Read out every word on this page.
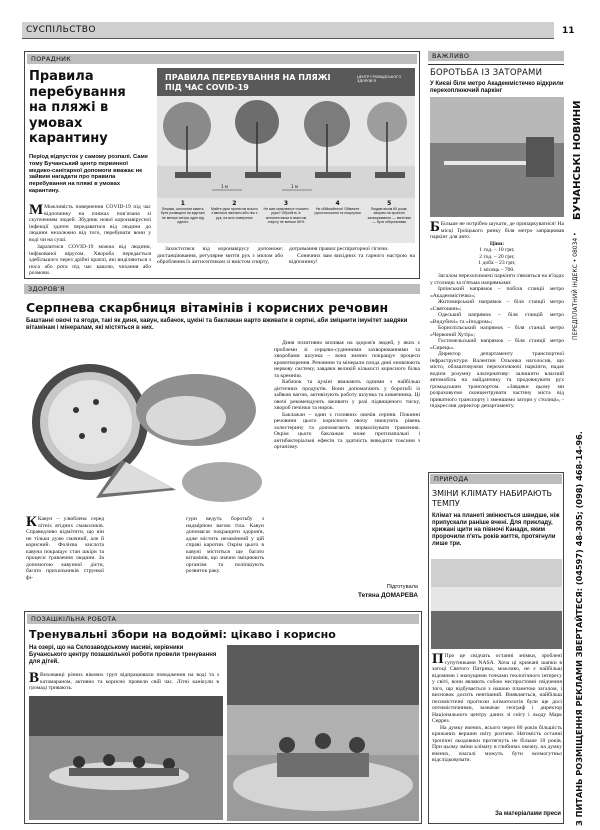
СУСПІЛЬСТВО	11
БУЧАНСЬКІ НОВИНИ
ПЕРЕДПЛАТНИЙ ІНДЕКС • 08034 •
З ПИТАНЬ РОЗМІЩЕННЯ РЕКЛАМИ ЗВЕРТАЙТЕСЯ: (04597) 48-305; (098) 468-14-96.
ПОРАДНИК
Правила перебування на пляжі в умовах карантину
Період відпусток у самому розпалі. Саме тому Бучанський центр первинної медико-санітарної допомоги вважає не зайвим нагадати про правила перебування на пляжі в умовах карантину.
М Можливість повернення COVID-19 під час відпочинку на пляжах пов’язана зі скупченням людей. Збудник нової коронавірусної інфекції здатен передаватися від людини до людини незалежно від того, перебувати вони у воді чи на суші.
Заразитися COVID-19 можна від людини, інфікованої вірусом. Хвороба передається здебільшого через дрібні краплі, які виділяються з носа або рота під час кашлю, чихання або розмови.
ПРАВИЛА ПЕРЕБУВАННЯ НА ПЛЯЖІ
ПІД ЧАС COVID-19
ЦЕНТР ГРОМАДСЬКОГО ЗДОРОВ'Я
1 м	1 м
1
Лежаки, шезлонги мають бути розміщені на відстані не менше метра один від одного
2
Майте руки протягом всього з'явитися змочити або ніж з рук, на всіх поверхнях
3
Не має можливості помити руки? Обробіть їх антисептиком зі вмістом спирту не менше 60%
4
Не обіймайтеся! Обмежте рукостискання та поцілунки
5
Людям віком 60 років, хворим на хронічні захворювання — вагітним — бути обережними
Захиститися від коронавірусу допоможе: дистанціювання, регулярне миття рук з милом або оброблення їх антисептиком зі вмістом спирту,
дотримання правил респіраторної гігієни.
Сонячних вам вихідних та гарного настрою на відпочинку!
ВАЖЛИВО
БОРОТЬБА ІЗ ЗАТОРАМИ
У Києві біля метро Академмістечко відкрили перехоплюючий паркінг
Б Більше не потрібно шукати, де припаркуватися! На місці Троїцького ринку біля метро запрацював паркінг для авто.
Ціни:
1 год. – 10 грн;
2 год. – 20 грн;
1 доба – 23 грн;
1 місяць – 700.
Загалом перехоплюючі паркінги з'являться на в'їздах у столицю за п'ятьма напрямками:
Ірпінський напрямок – побіля станції метро «Академмістечко»;
Житомирський напрямок – біля станції метро «Святошин»;
Одеський напрямок – біля станцій метро «Видубичі» та «Іподром»;
Бориспільський напрямок – біля станції метро «Червоний Хутір»;
Гостомельський напрямок – біля станції метро «Сирець».
Директор департаменту транспортної інфраструктури Валентин Ольонка наголосив, що місто, облаштовуючи перехоплюючі паркінги, надає водієм розумну альтернативу: залишити власний автомобіль на майданчику та продовжувати рух громадським транспортом. «Завдяки цьому ми розраховуємо сконцентрувати частину міста від приватного транспорту і зменшимо затори у столиці», - підкреслив директор департаменту.
ПРИРОДА
ЗМІНИ КЛІМАТУ НАБИРАЮТЬ ТЕМПУ
Клімат на планеті змінюється швидше, ніж припускали раніше вчені. Для прикладу, крижані щити на півночі Канади, яким пророчили п'ять років життя, протягнули лише три.
П Про це свідчать останні знімки, зроблені супутниками NASA. Хоча ці крижані шапки в затоці Святого Патрика, можливо, не є найбільш відомими і значущими точками геологічного інтересу у світі, вони являють собою неспростовні свідчення того, що відбувається з нашою планетою загалом, і висновок досить невтішний. Виявляється, найбільш песимістичні прогнози кліматологів були ще досі оптимістичними, зазначає географ і директор Національного центру даних зі снігу і льоду Марк Серрез.
На думку вчених, всього через 80 років більшість крижаних вершин світу розтане. Натомість останні тропічні льодовики протягнуть не більше 10 років. При цьому зміни клімату в глибинах океану, на думку вчених, взагалі можуть бути всемогутньо відслідковувати.
За матеріалами преси
ЗДОРОВ’Я
Серпнева скарбниця вітамінів і корисних речовин
Баштанні овочі та ягоди, такі як диня, кавун, кабачок, цукіні та баклажан варто вживати в серпні, аби зміцнити імунітет завдяки вітамінам і мінералам, які містяться в них.
К Кавун – улюблена серед літніх ягідних смаколиків. Справедливо відмітити, що він не тільки дуже смачний, але й корисний. Фолієва кислота кавуна покращує стан шкіри та процеси травлення людини. За допомогою кавунної дієти, багато прихильників стрункої фі-
гури ведуть боротьбу з надмірною вагою тіла. Кавун допомагає покращити здоров'я, адже містить незамінний у цій справі каротин. Окрім цього в кавуні міститься ще багато вітамінів, що значно зміцнюють організм та поліпшують розвиток раку.
Диня позитивно впливає на здоров'я людей, у яких є проблеми зі серцево-судинними захворюваннями та хворобами шлунка – вона значно покращує процеси кровотворення. Речовини та мінерали плода дині оновлюють нервову систему, завдяки великій кількості корисного білка та кремнію.
Кабачок та цукіні вважають одними з найбільш дієтичних продуктів. Вони допомагають у боротьбі із зайвою вагою, активізують роботу шлунка та кишечника. Ці овочі рекомендують вживати у разі підвищеного тиску, хвороб печінки та нирок.
Баклажан – один з головних овочів серпня. Покинні речовини цього корисного овочу знижують рівень холестерину та допомагають нормалізувати травлення. Окрім цього баклажан може протизапальні і антибактеріальні ефекти та здатність виводити токсини з організму.
Підготувала
Тетяна ДОМАРЕВА
ПОЗАШКІЛЬНА РОБОТА
Тренувальні збори на водоймі: цікаво і корисно
На озері, що на Склозаводському масиві, керівники Бучанського центру позашкільної роботи провели тренування для дітей.
В Вихованці різних вікових груп відпрацювали поводження на воді та з катамараном, активно та корисно провели свій час. Літні канікули в громаді тривають.
